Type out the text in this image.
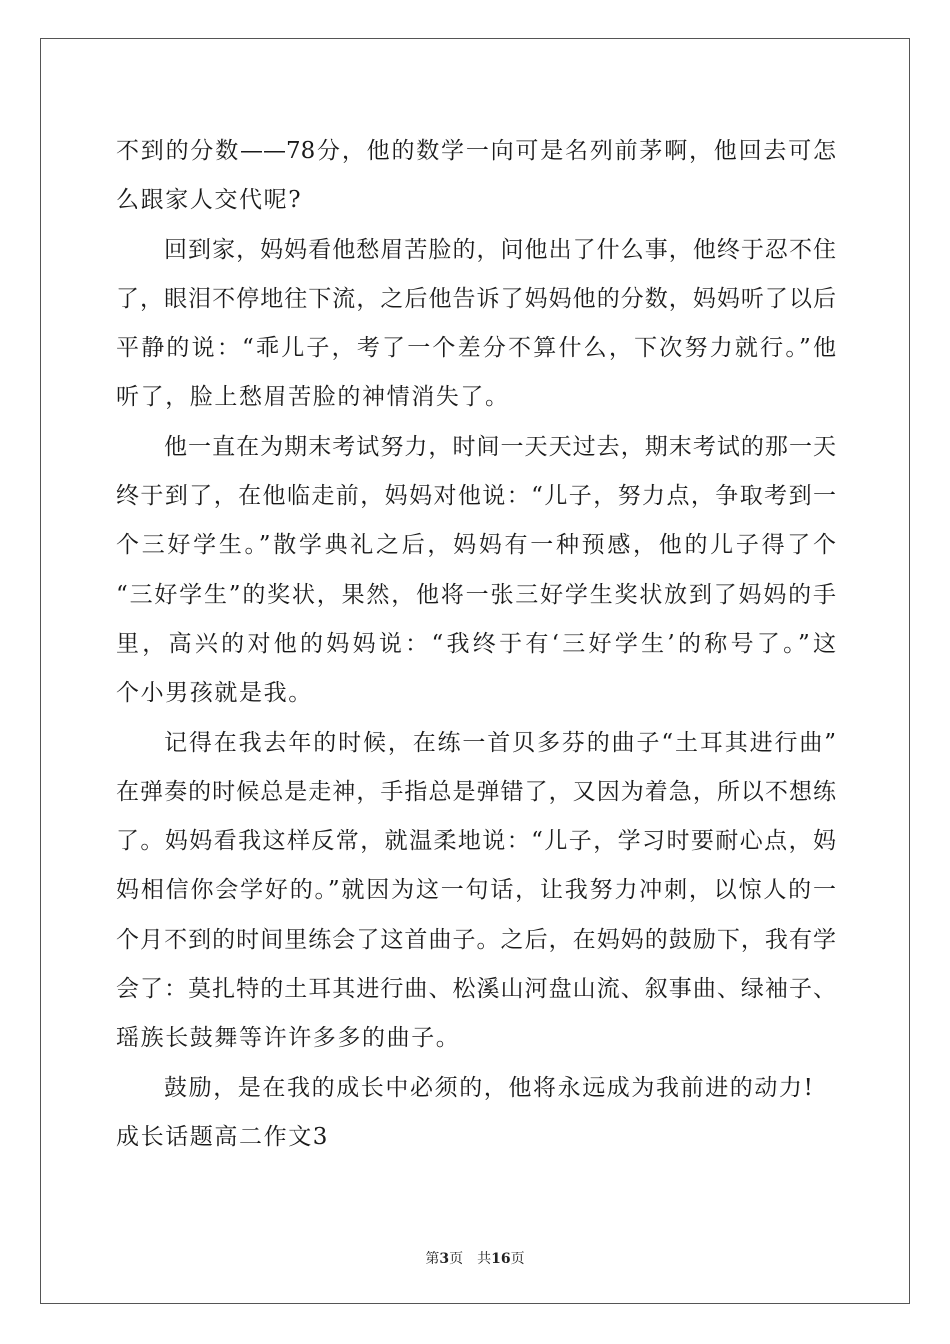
不到的分数——78分，他的数学一向可是名列前茅啊，他回去可怎
么跟家人交代呢?
回到家，妈妈看他愁眉苦脸的，问他出了什么事，他终于忍不住
了，眼泪不停地往下流，之后他告诉了妈妈他的分数，妈妈听了以后
平静的说：“乖儿子，考了一个差分不算什么，下次努力就行。”他
听了，脸上愁眉苦脸的神情消失了。
他一直在为期末考试努力，时间一天天过去，期末考试的那一天
终于到了，在他临走前，妈妈对他说：“儿子，努力点，争取考到一
个三好学生。”散学典礼之后，妈妈有一种预感，他的儿子得了个
“三好学生”的奖状，果然，他将一张三好学生奖状放到了妈妈的手
里，高兴的对他的妈妈说：“我终于有‘三好学生’的称号了。”这
个小男孩就是我。
记得在我去年的时候，在练一首贝多芬的曲子“土耳其进行曲”
在弹奏的时候总是走神，手指总是弹错了，又因为着急，所以不想练
了。妈妈看我这样反常，就温柔地说：“儿子，学习时要耐心点，妈
妈相信你会学好的。”就因为这一句话，让我努力冲刺，以惊人的一
个月不到的时间里练会了这首曲子。之后，在妈妈的鼓励下，我有学
会了：莫扎特的土耳其进行曲、松溪山河盘山流、叙事曲、绿袖子、
瑶族长鼓舞等许许多多的曲子。
鼓励，是在我的成长中必须的，他将永远成为我前进的动力!
成长话题高二作文3
第3页 共16页
